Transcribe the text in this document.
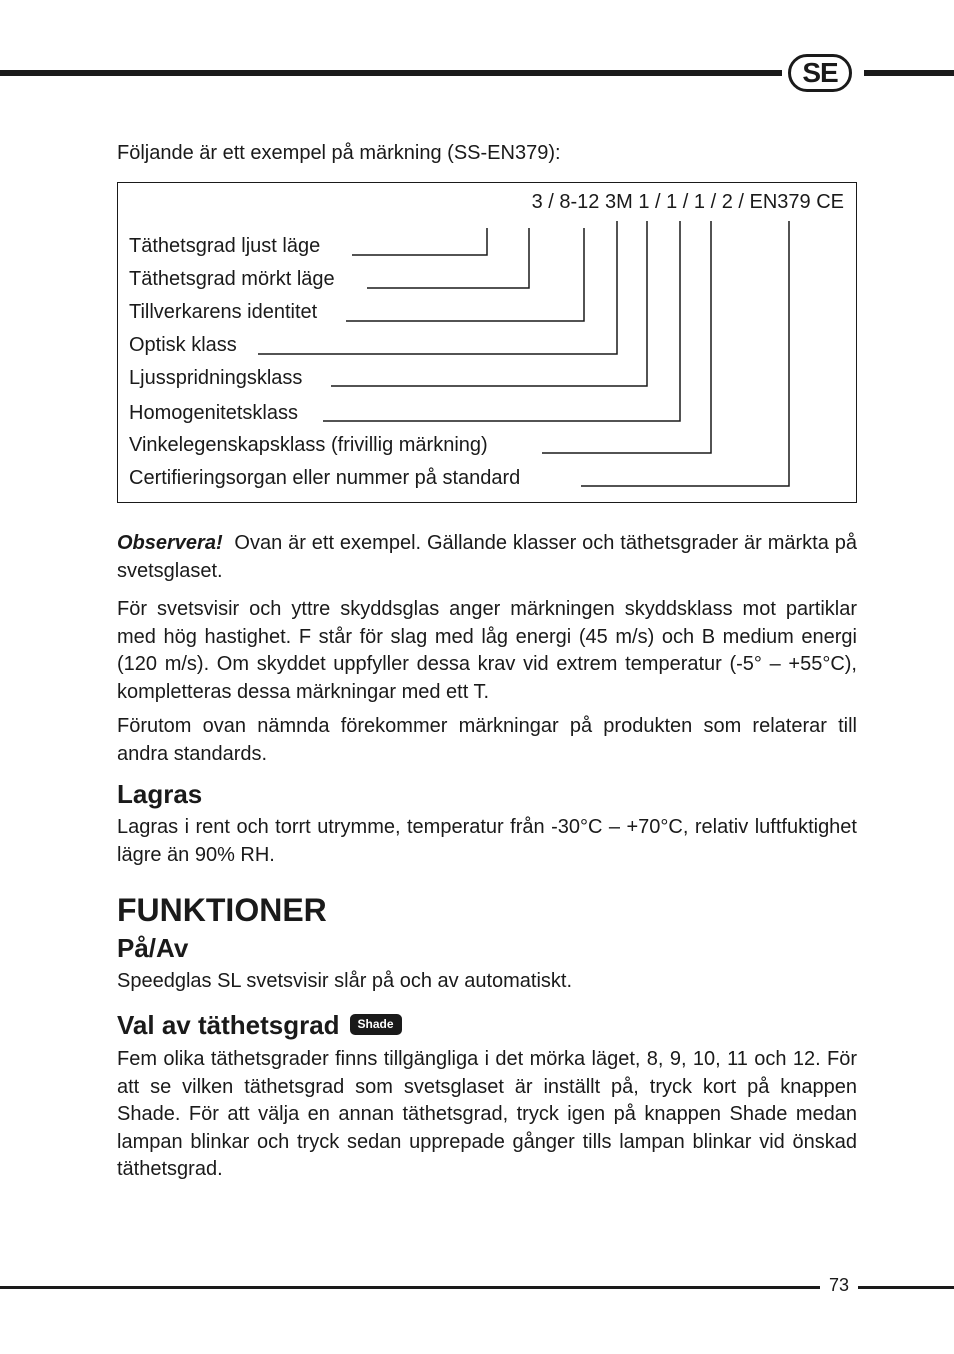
SE
Följande är ett exempel på märkning (SS-EN379):
3 / 8-12 3M 1 / 1 / 1 / 2 / EN379 CE
Täthetsgrad ljust läge
Täthetsgrad mörkt läge
Tillverkarens identitet
Optisk klass
Ljusspridningsklass
Homogenitetsklass
Vinkelegenskapsklass (frivillig märkning)
Certifieringsorgan eller nummer på standard
Observera! Ovan är ett exempel. Gällande klasser och täthetsgrader är märkta på svetsglaset.
För svetsvisir och yttre skyddsglas anger märkningen skyddsklass mot partiklar med hög hastighet. F står för slag med låg energi (45 m/s) och B medium energi (120 m/s). Om skyddet uppfyller dessa krav vid extrem temperatur (-5° – +55°C), kompletteras dessa märkningar med ett T.
Förutom ovan nämnda förekommer märkningar på produkten som relaterar till andra standards.
Lagras
Lagras i rent och torrt utrymme, temperatur från -30°C – +70°C, relativ luftfuktighet lägre än 90% RH.
FUNKTIONER
På/Av
Speedglas SL svetsvisir slår på och av automatiskt.
Val av täthetsgrad	Shade
Fem olika täthetsgrader finns tillgängliga i det mörka läget, 8, 9, 10, 11 och 12. För att se vilken täthetsgrad som svetsglaset är inställt på, tryck kort på knappen Shade. För att välja en annan täthetsgrad, tryck igen på knappen Shade medan lampan blinkar och tryck sedan upprepade gånger tills lampan blinkar vid önskad täthetsgrad.
73
